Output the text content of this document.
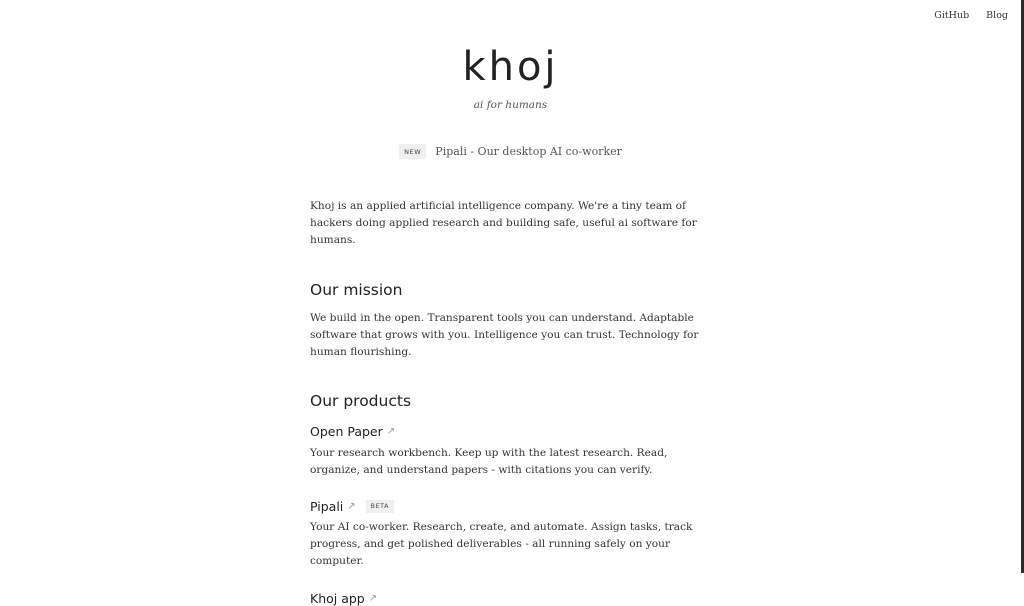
GitHub Blog
khoj
ai for humans
NEW	Pipali - Our desktop AI co-worker

Khoj is an applied artificial intelligence company. We're a tiny team of hackers doing applied research and building safe, useful ai software for humans.

Our mission

We build in the open. Transparent tools you can understand. Adaptable software that grows with you. Intelligence you can trust. Technology for human flourishing.

Our products
Open Paper ↗

Your research workbench. Keep up with the latest research. Read, organize, and understand papers - with citations you can verify.

Pipali ↗	BETA

Your AI co-worker. Research, create, and automate. Assign tasks, track progress, and get polished deliverables - all running safely on your computer.

Khoj app ↗
